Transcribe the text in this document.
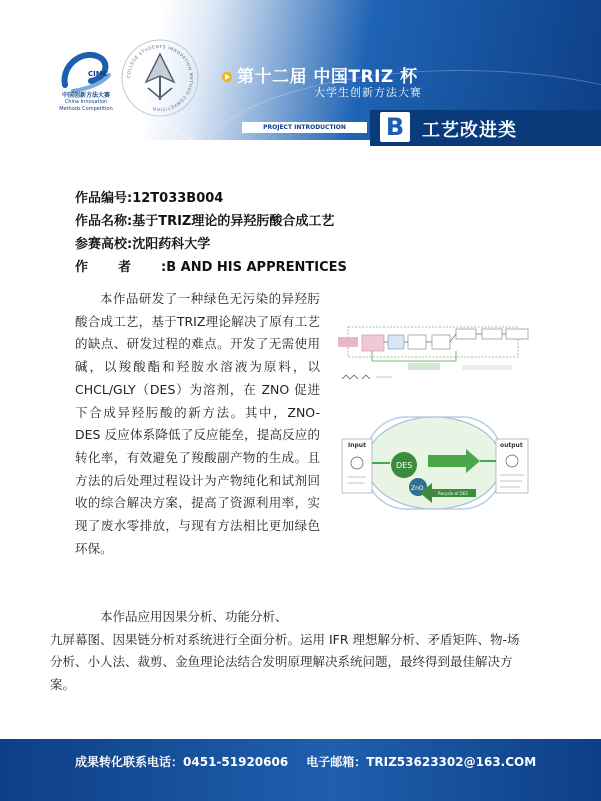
CIMC
中国创新方法大赛
China Innovation
Methods Competition
COLLEGE STUDENTS INNOVATION METHOD COMPETITION
第十二届 中国TRIZ 杯
大学生创新方法大赛
PROJECT INTRODUCTION	B 工艺改进类
作品编号:12T033B004
作品名称:基于TRIZ理论的异羟肟酸合成工艺
参赛高校:沈阳药科大学
作者:B AND HIS APPRENTICES
本作品研发了一种绿色无污染的异羟肟酸合成工艺，基于TRIZ理论解决了原有工艺的缺点、研发过程的难点。开发了无需使用碱，以羧酸酯和羟胺水溶液为原料，以 CHCL/GLY（DES）为溶剂，在 ZNO 促进下合成异羟肟酸的新方法。其中，ZNO-DES 反应体系降低了反应能垒，提高反应的转化率，有效避免了羧酸副产物的生成。且方法的后处理过程设计为产物纯化和试剂回收的综合解决方案，提高了资源利用率，实现了废水零排放，与现有方法相比更加绿色环保。
本作品应用因果分析、功能分析、
九屏幕图、因果链分析对系统进行全面分析。运用 IFR 理想解分析、矛盾矩阵、物-场分析、小人法、裁剪、金鱼理论法结合发明原理解决系统问题，最终得到最佳解决方案。
Input	output
DES
ZnO
Recycle of DES
成果转化联系电话：0451-51920606 电子邮箱：TRIZ53623302@163.COM
